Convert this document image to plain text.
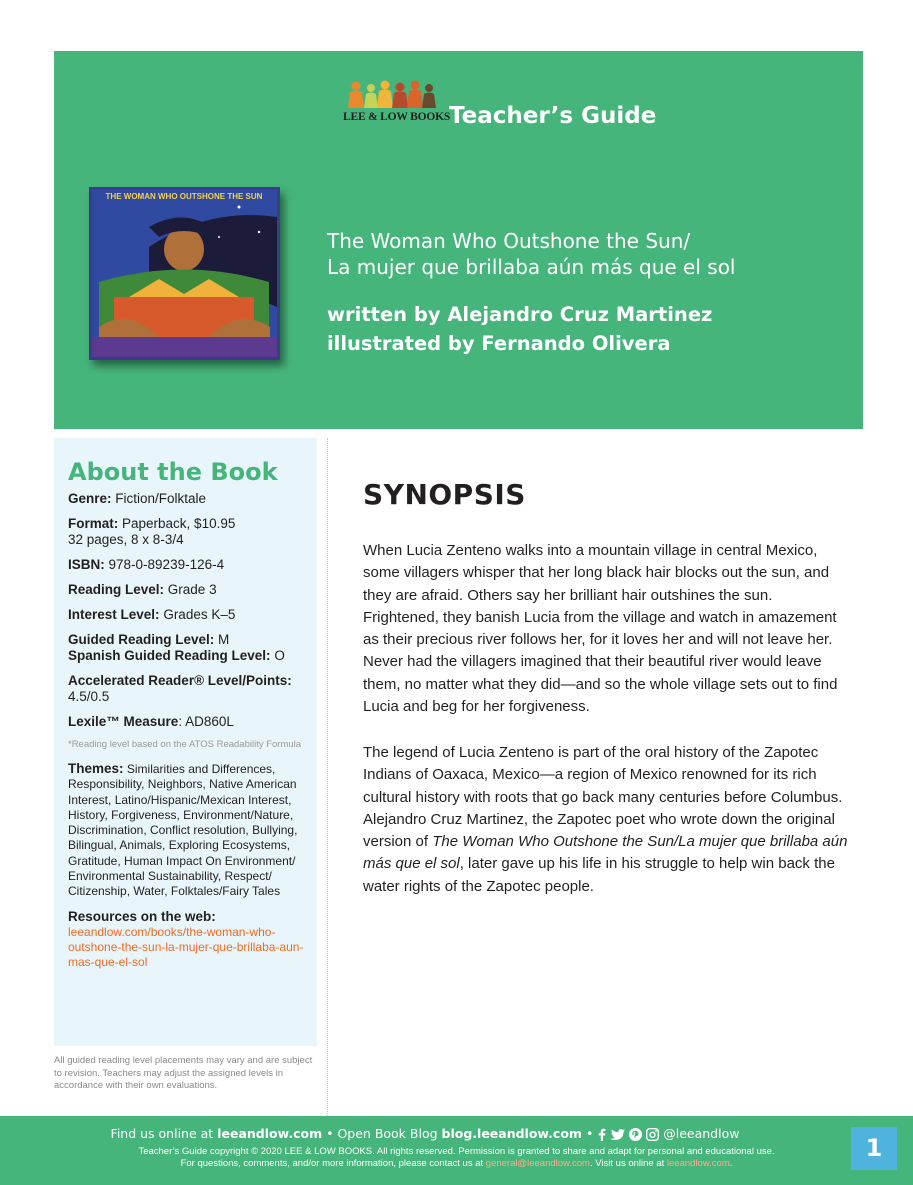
LEE & LOW BOOKS
Teacher’s Guide
THE WOMAN WHO OUTSHONE THE SUN
The Woman Who Outshone the Sun/
La mujer que brillaba aún más que el sol
written by Alejandro Cruz Martinez
illustrated by Fernando Olivera
About the Book
Genre: Fiction/Folktale
Format: Paperback, $10.95
32 pages, 8 x 8-3/4
ISBN: 978-0-89239-126-4
Reading Level: Grade 3
Interest Level: Grades K–5
Guided Reading Level: M
Spanish Guided Reading Level: O
Accelerated Reader® Level/Points:
4.5/0.5
Lexile™ Measure: AD860L
*Reading level based on the ATOS Readability Formula
Themes: Similarities and Differences, Responsibility, Neighbors, Native American Interest, Latino/Hispanic/Mexican Interest, History, Forgiveness, Environment/Nature, Discrimination, Conflict resolution, Bullying, Bilingual, Animals, Exploring Ecosystems, Gratitude, Human Impact On Environment/ Environmental Sustainability, Respect/ Citizenship, Water, Folktales/Fairy Tales
Resources on the web:
leeandlow.com/books/the-woman-who-outshone-the-sun-la-mujer-que-brillaba-aun-mas-que-el-sol
All guided reading level placements may vary and are subject to revision. Teachers may adjust the assigned levels in accordance with their own evaluations.
SYNOPSIS
When Lucia Zenteno walks into a mountain village in central Mexico, some villagers whisper that her long black hair blocks out the sun, and they are afraid. Others say her brilliant hair outshines the sun. Frightened, they banish Lucia from the village and watch in amazement as their precious river follows her, for it loves her and will not leave her. Never had the villagers imagined that their beautiful river would leave them, no matter what they did—and so the whole village sets out to find Lucia and beg for her forgiveness.
The legend of Lucia Zenteno is part of the oral history of the Zapotec Indians of Oaxaca, Mexico—a region of Mexico renowned for its rich cultural history with roots that go back many centuries before Columbus. Alejandro Cruz Martinez, the Zapotec poet who wrote down the original version of The Woman Who Outshone the Sun/La mujer que brillaba aún más que el sol, later gave up his life in his struggle to help win back the water rights of the Zapotec people.
Find us online at leeandlow.com • Open Book Blog blog.leeandlow.com •	@leeandlow
Teacher’s Guide copyright © 2020 LEE & LOW BOOKS. All rights reserved. Permission is granted to share and adapt for personal and educational use.
For questions, comments, and/or more information, please contact us at general@leeandlow.com. Visit us online at leeandlow.com.
1
